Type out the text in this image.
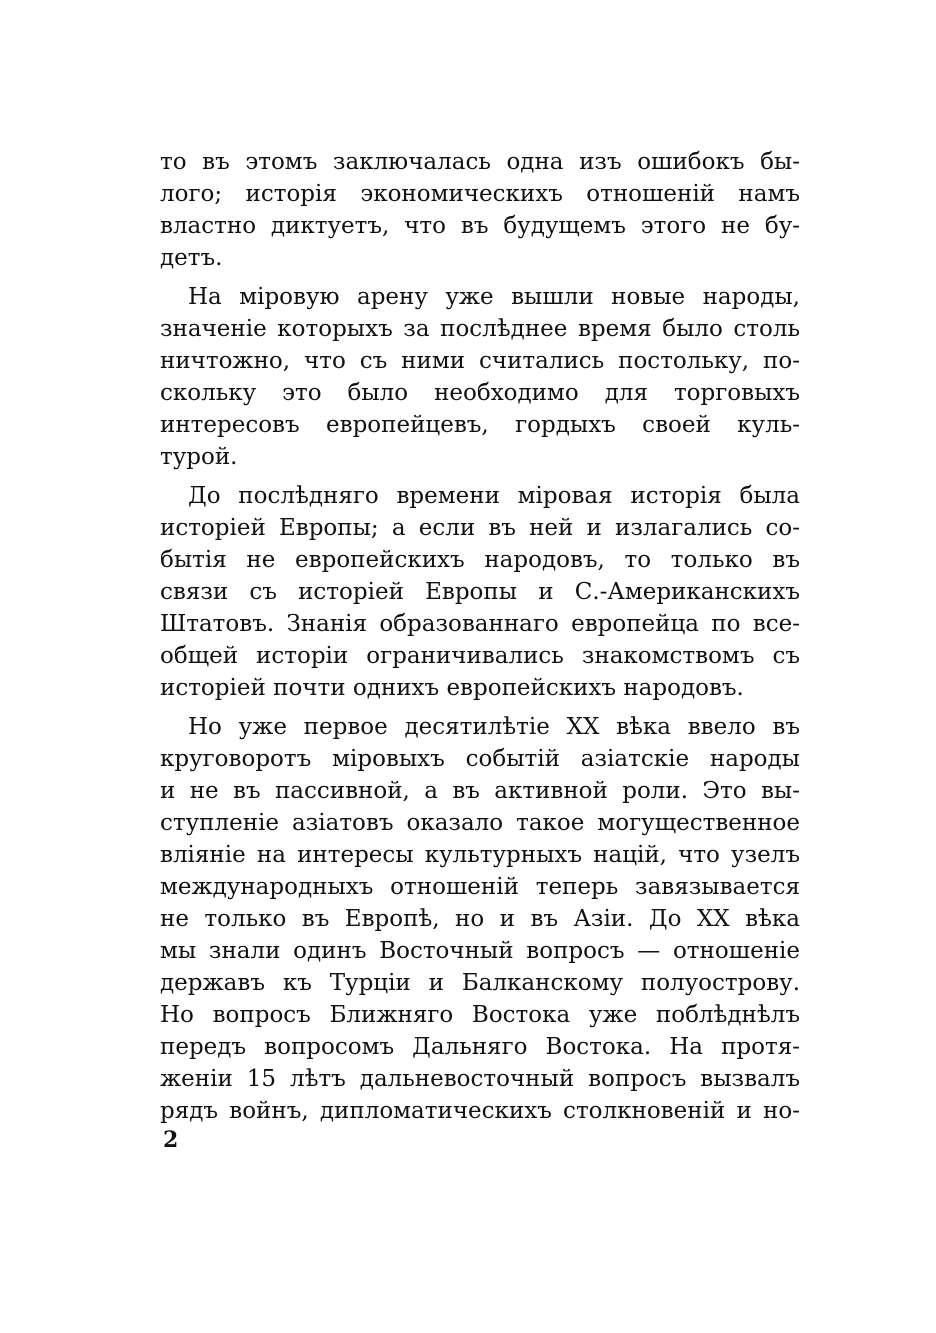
то въ этомъ заключалась одна изъ ошибокъ бы-
лого; исторія экономическихъ отношеній намъ
властно диктуетъ, что въ будущемъ этого не бу-
детъ.
На міровую арену уже вышли новые народы,
значеніе которыхъ за послѣднее время было столь
ничтожно, что съ ними считались постольку, по-
скольку это было необходимо для торговыхъ
интересовъ европейцевъ, гордыхъ своей куль-
турой.
До послѣдняго времени міровая исторія была
исторіей Европы; а если въ ней и излагались со-
бытія не европейскихъ народовъ, то только въ
связи съ исторіей Европы и С.-Американскихъ
Штатовъ. Знанія образованнаго европейца по все-
общей исторіи ограничивались знакомствомъ съ
исторіей почти однихъ европейскихъ народовъ.
Но уже первое десятилѣтіе XX вѣка ввело въ
круговоротъ міровыхъ событій азіатскіе народы
и не въ пассивной, а въ активной роли. Это вы-
ступленіе азіатовъ оказало такое могущественное
вліяніе на интересы культурныхъ націй, что узелъ
международныхъ отношеній теперь завязывается
не только въ Европѣ, но и въ Азіи. До XX вѣка
мы знали одинъ Восточный вопросъ — отношеніе
державъ къ Турціи и Балканскому полуострову.
Но вопросъ Ближняго Востока уже поблѣднѣлъ
передъ вопросомъ Дальняго Востока. На протя-
женіи 15 лѣтъ дальневосточный вопросъ вызвалъ
рядъ войнъ, дипломатическихъ столкновеній и но-
2
